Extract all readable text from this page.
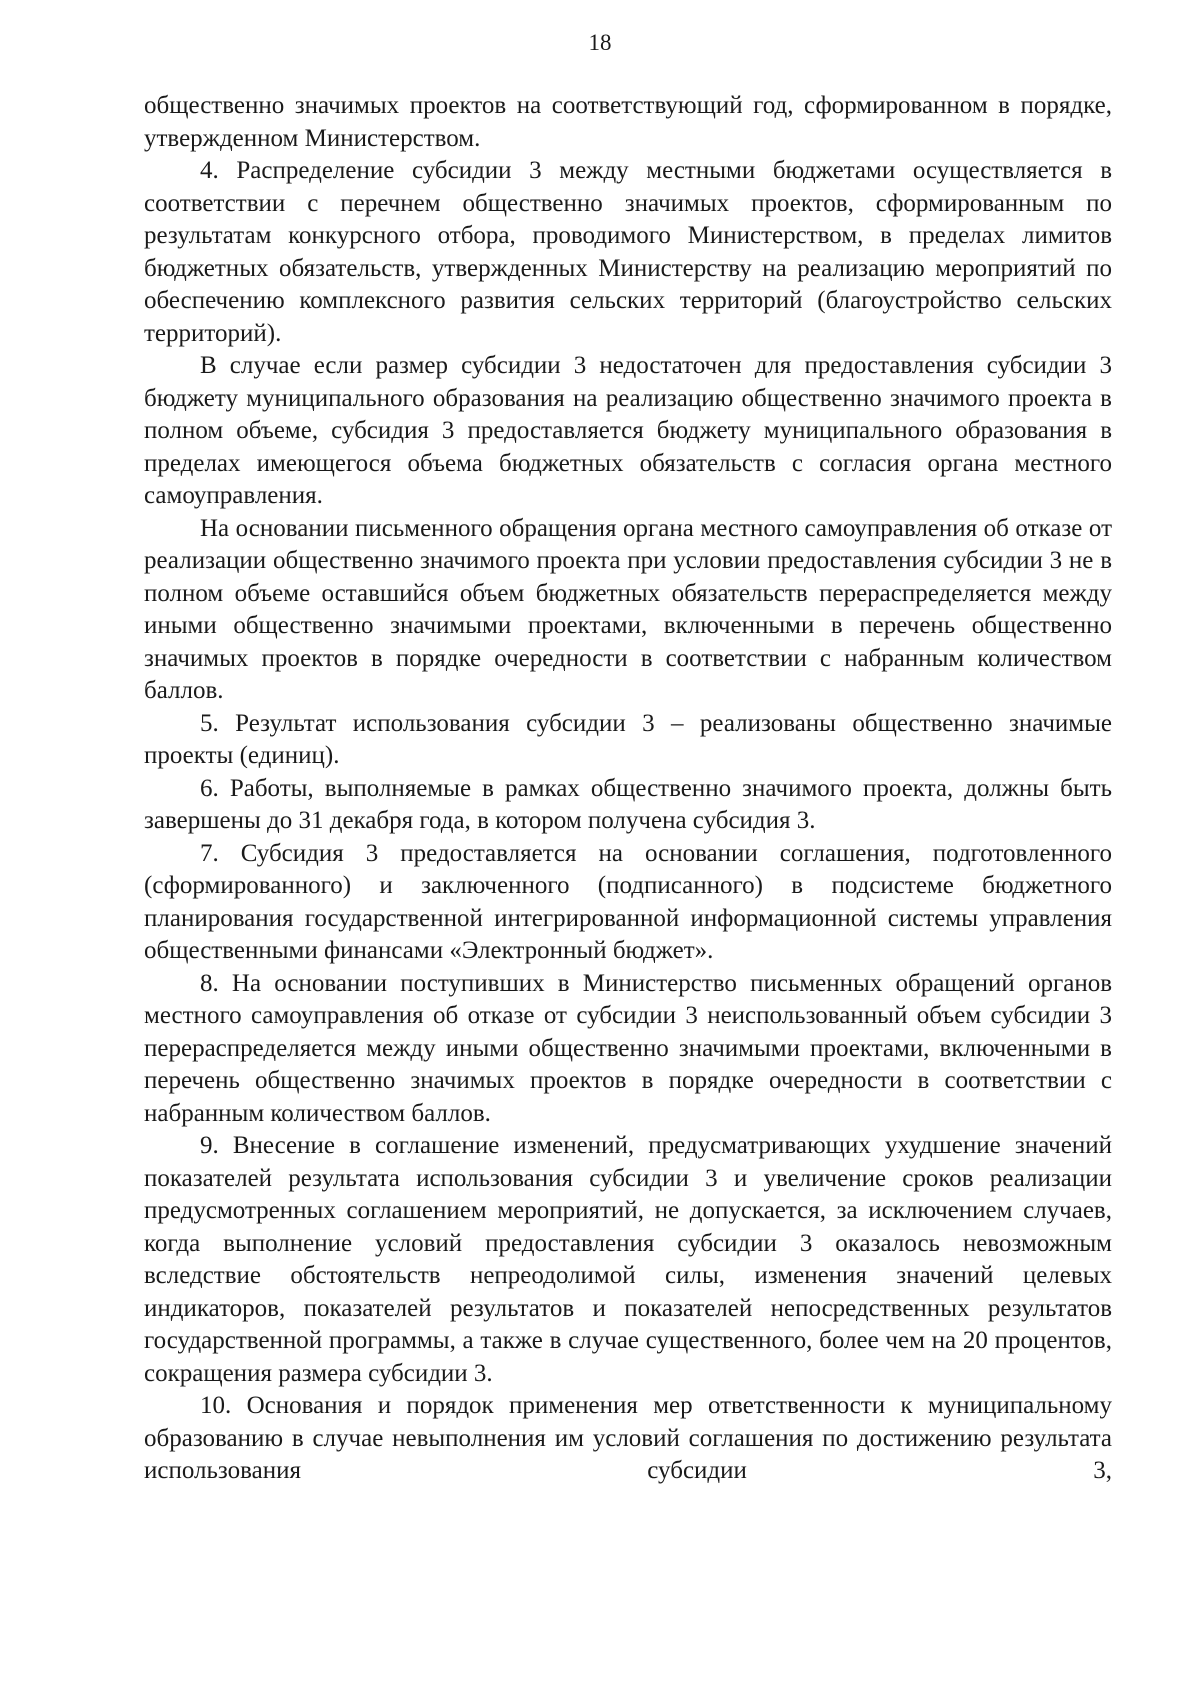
18

общественно значимых проектов на соответствующий год, сформированном в порядке, утвержденном Министерством.

4. Распределение субсидии 3 между местными бюджетами осуществляется в соответствии с перечнем общественно значимых проектов, сформированным по результатам конкурсного отбора, проводимого Министерством, в пределах лимитов бюджетных обязательств, утвержденных Министерству на реализацию мероприятий по обеспечению комплексного развития сельских территорий (благоустройство сельских территорий).

В случае если размер субсидии 3 недостаточен для предоставления субсидии 3 бюджету муниципального образования на реализацию общественно значимого проекта в полном объеме, субсидия 3 предоставляется бюджету муниципального образования в пределах имеющегося объема бюджетных обязательств с согласия органа местного самоуправления.

На основании письменного обращения органа местного самоуправления об отказе от реализации общественно значимого проекта при условии предоставления субсидии 3 не в полном объеме оставшийся объем бюджетных обязательств перераспределяется между иными общественно значимыми проектами, включенными в перечень общественно значимых проектов в порядке очередности в соответствии с набранным количеством баллов.

5. Результат использования субсидии 3 – реализованы общественно значимые проекты (единиц).

6. Работы, выполняемые в рамках общественно значимого проекта, должны быть завершены до 31 декабря года, в котором получена субсидия 3.

7. Субсидия 3 предоставляется на основании соглашения, подготовленного (сформированного) и заключенного (подписанного) в подсистеме бюджетного планирования государственной интегрированной информационной системы управления общественными финансами «Электронный бюджет».

8. На основании поступивших в Министерство письменных обращений органов местного самоуправления об отказе от субсидии 3 неиспользованный объем субсидии 3 перераспределяется между иными общественно значимыми проектами, включенными в перечень общественно значимых проектов в порядке очередности в соответствии с набранным количеством баллов.

9. Внесение в соглашение изменений, предусматривающих ухудшение значений показателей результата использования субсидии 3 и увеличение сроков реализации предусмотренных соглашением мероприятий, не допускается, за исключением случаев, когда выполнение условий предоставления субсидии 3 оказалось невозможным вследствие обстоятельств непреодолимой силы, изменения значений целевых индикаторов, показателей результатов и показателей непосредственных результатов государственной программы, а также в случае существенного, более чем на 20 процентов, сокращения размера субсидии 3.

10. Основания и порядок применения мер ответственности к муниципальному образованию в случае невыполнения им условий соглашения по достижению результата использования субсидии 3,
